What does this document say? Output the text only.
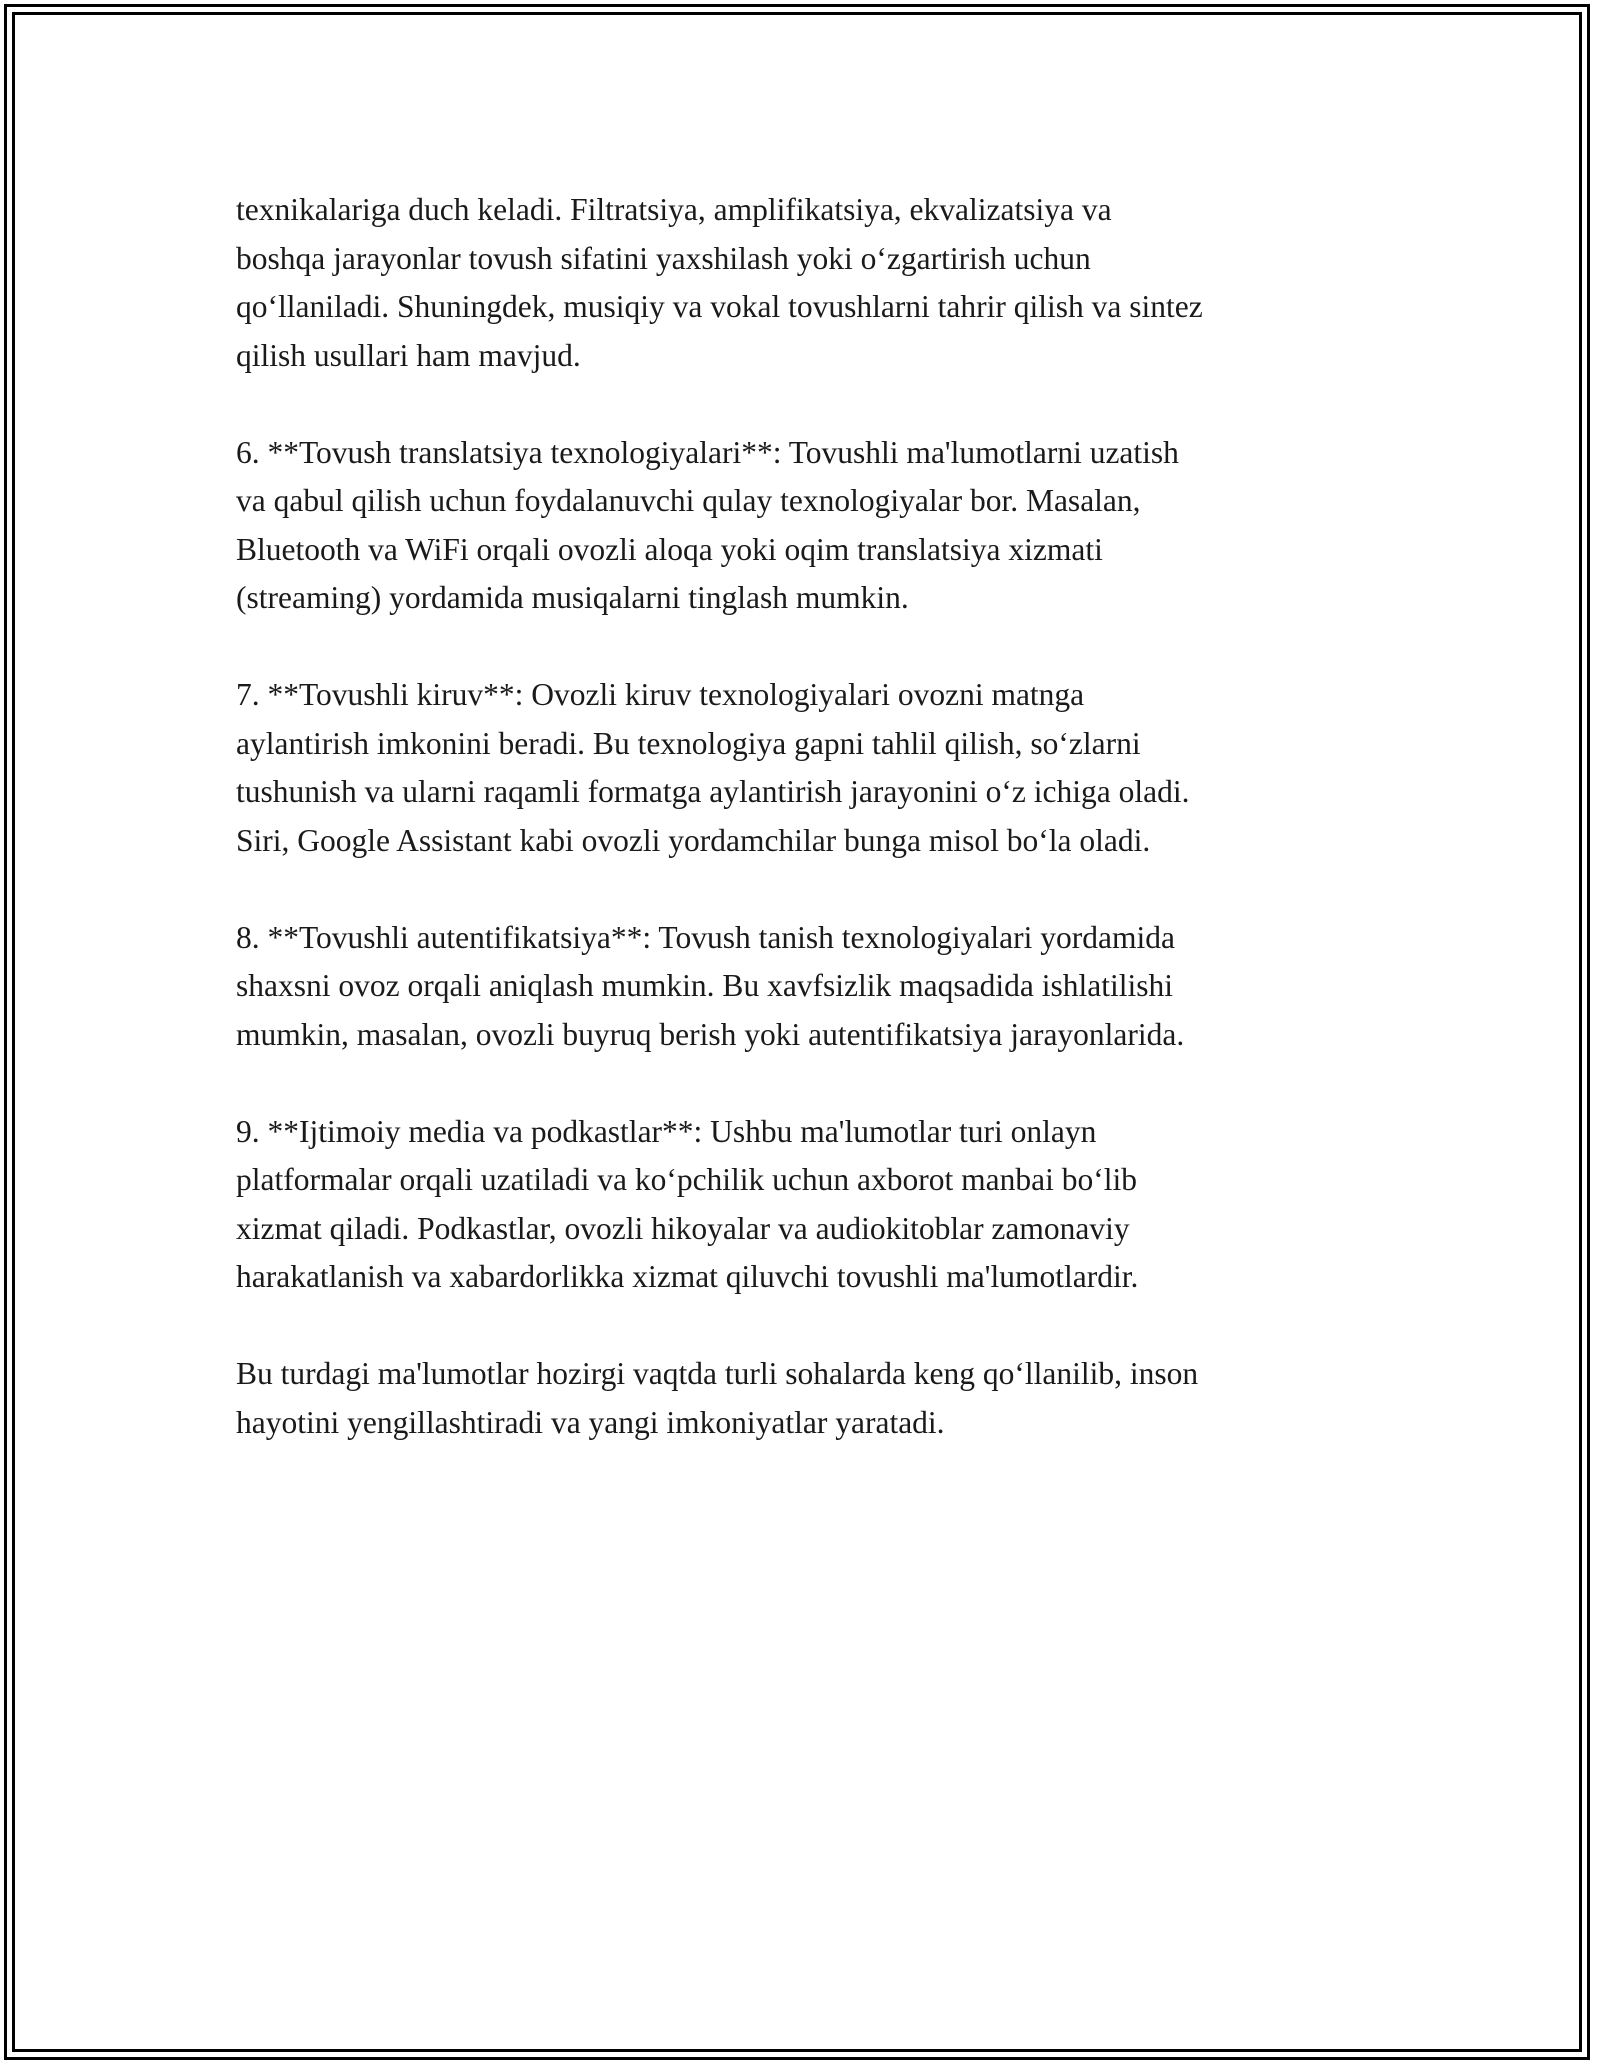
texnikalariga duch keladi. Filtratsiya, amplifikatsiya, ekvalizatsiya va
boshqa jarayonlar tovush sifatini yaxshilash yoki o‘zgartirish uchun
qo‘llaniladi. Shuningdek, musiqiy va vokal tovushlarni tahrir qilish va sintez
qilish usullari ham mavjud.

6. **Tovush translatsiya texnologiyalari**: Tovushli ma'lumotlarni uzatish
va qabul qilish uchun foydalanuvchi qulay texnologiyalar bor. Masalan,
Bluetooth va WiFi orqali ovozli aloqa yoki oqim translatsiya xizmati
(streaming) yordamida musiqalarni tinglash mumkin.

7. **Tovushli kiruv**: Ovozli kiruv texnologiyalari ovozni matnga
aylantirish imkonini beradi. Bu texnologiya gapni tahlil qilish, so‘zlarni
tushunish va ularni raqamli formatga aylantirish jarayonini o‘z ichiga oladi.
Siri, Google Assistant kabi ovozli yordamchilar bunga misol bo‘la oladi.

8. **Tovushli autentifikatsiya**: Tovush tanish texnologiyalari yordamida
shaxsni ovoz orqali aniqlash mumkin. Bu xavfsizlik maqsadida ishlatilishi
mumkin, masalan, ovozli buyruq berish yoki autentifikatsiya jarayonlarida.

9. **Ijtimoiy media va podkastlar**: Ushbu ma'lumotlar turi onlayn
platformalar orqali uzatiladi va ko‘pchilik uchun axborot manbai bo‘lib
xizmat qiladi. Podkastlar, ovozli hikoyalar va audiokitoblar zamonaviy
harakatlanish va xabardorlikka xizmat qiluvchi tovushli ma'lumotlardir.

Bu turdagi ma'lumotlar hozirgi vaqtda turli sohalarda keng qo‘llanilib, inson
hayotini yengillashtiradi va yangi imkoniyatlar yaratadi.
